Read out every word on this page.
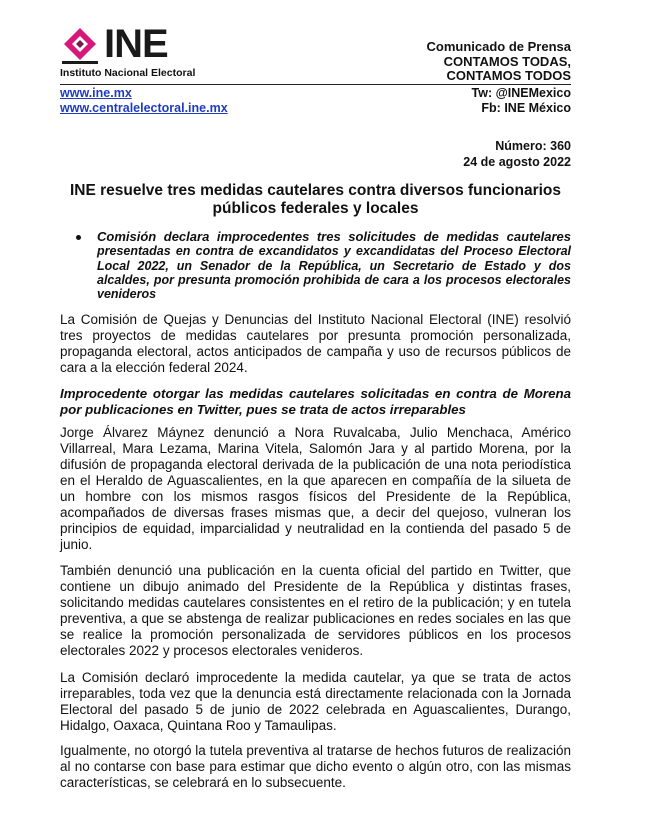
INE
Instituto Nacional Electoral
Comunicado de Prensa
CONTAMOS TODAS,
CONTAMOS TODOS
www.ine.mx
www.centralelectoral.ine.mx
Tw: @INEMexico
Fb: INE México
Número: 360
24 de agosto 2022
INE resuelve tres medidas cautelares contra diversos funcionarios públicos federales y locales
Comisión declara improcedentes tres solicitudes de medidas cautelares presentadas en contra de excandidatos y excandidatas del Proceso Electoral Local 2022, un Senador de la República, un Secretario de Estado y dos alcaldes, por presunta promoción prohibida de cara a los procesos electorales venideros
La Comisión de Quejas y Denuncias del Instituto Nacional Electoral (INE) resolvió tres proyectos de medidas cautelares por presunta promoción personalizada, propaganda electoral, actos anticipados de campaña y uso de recursos públicos de cara a la elección federal 2024.
Improcedente otorgar las medidas cautelares solicitadas en contra de Morena por publicaciones en Twitter, pues se trata de actos irreparables
Jorge Álvarez Máynez denunció a Nora Ruvalcaba, Julio Menchaca, Américo Villarreal, Mara Lezama, Marina Vitela, Salomón Jara y al partido Morena, por la difusión de propaganda electoral derivada de la publicación de una nota periodística en el Heraldo de Aguascalientes, en la que aparecen en compañía de la silueta de un hombre con los mismos rasgos físicos del Presidente de la República, acompañados de diversas frases mismas que, a decir del quejoso, vulneran los principios de equidad, imparcialidad y neutralidad en la contienda del pasado 5 de junio.
También denunció una publicación en la cuenta oficial del partido en Twitter, que contiene un dibujo animado del Presidente de la República y distintas frases, solicitando medidas cautelares consistentes en el retiro de la publicación; y en tutela preventiva, a que se abstenga de realizar publicaciones en redes sociales en las que se realice la promoción personalizada de servidores públicos en los procesos electorales 2022 y procesos electorales venideros.
La Comisión declaró improcedente la medida cautelar, ya que se trata de actos irreparables, toda vez que la denuncia está directamente relacionada con la Jornada Electoral del pasado 5 de junio de 2022 celebrada en Aguascalientes, Durango, Hidalgo, Oaxaca, Quintana Roo y Tamaulipas.
Igualmente, no otorgó la tutela preventiva al tratarse de hechos futuros de realización al no contarse con base para estimar que dicho evento o algún otro, con las mismas características, se celebrará en lo subsecuente.
